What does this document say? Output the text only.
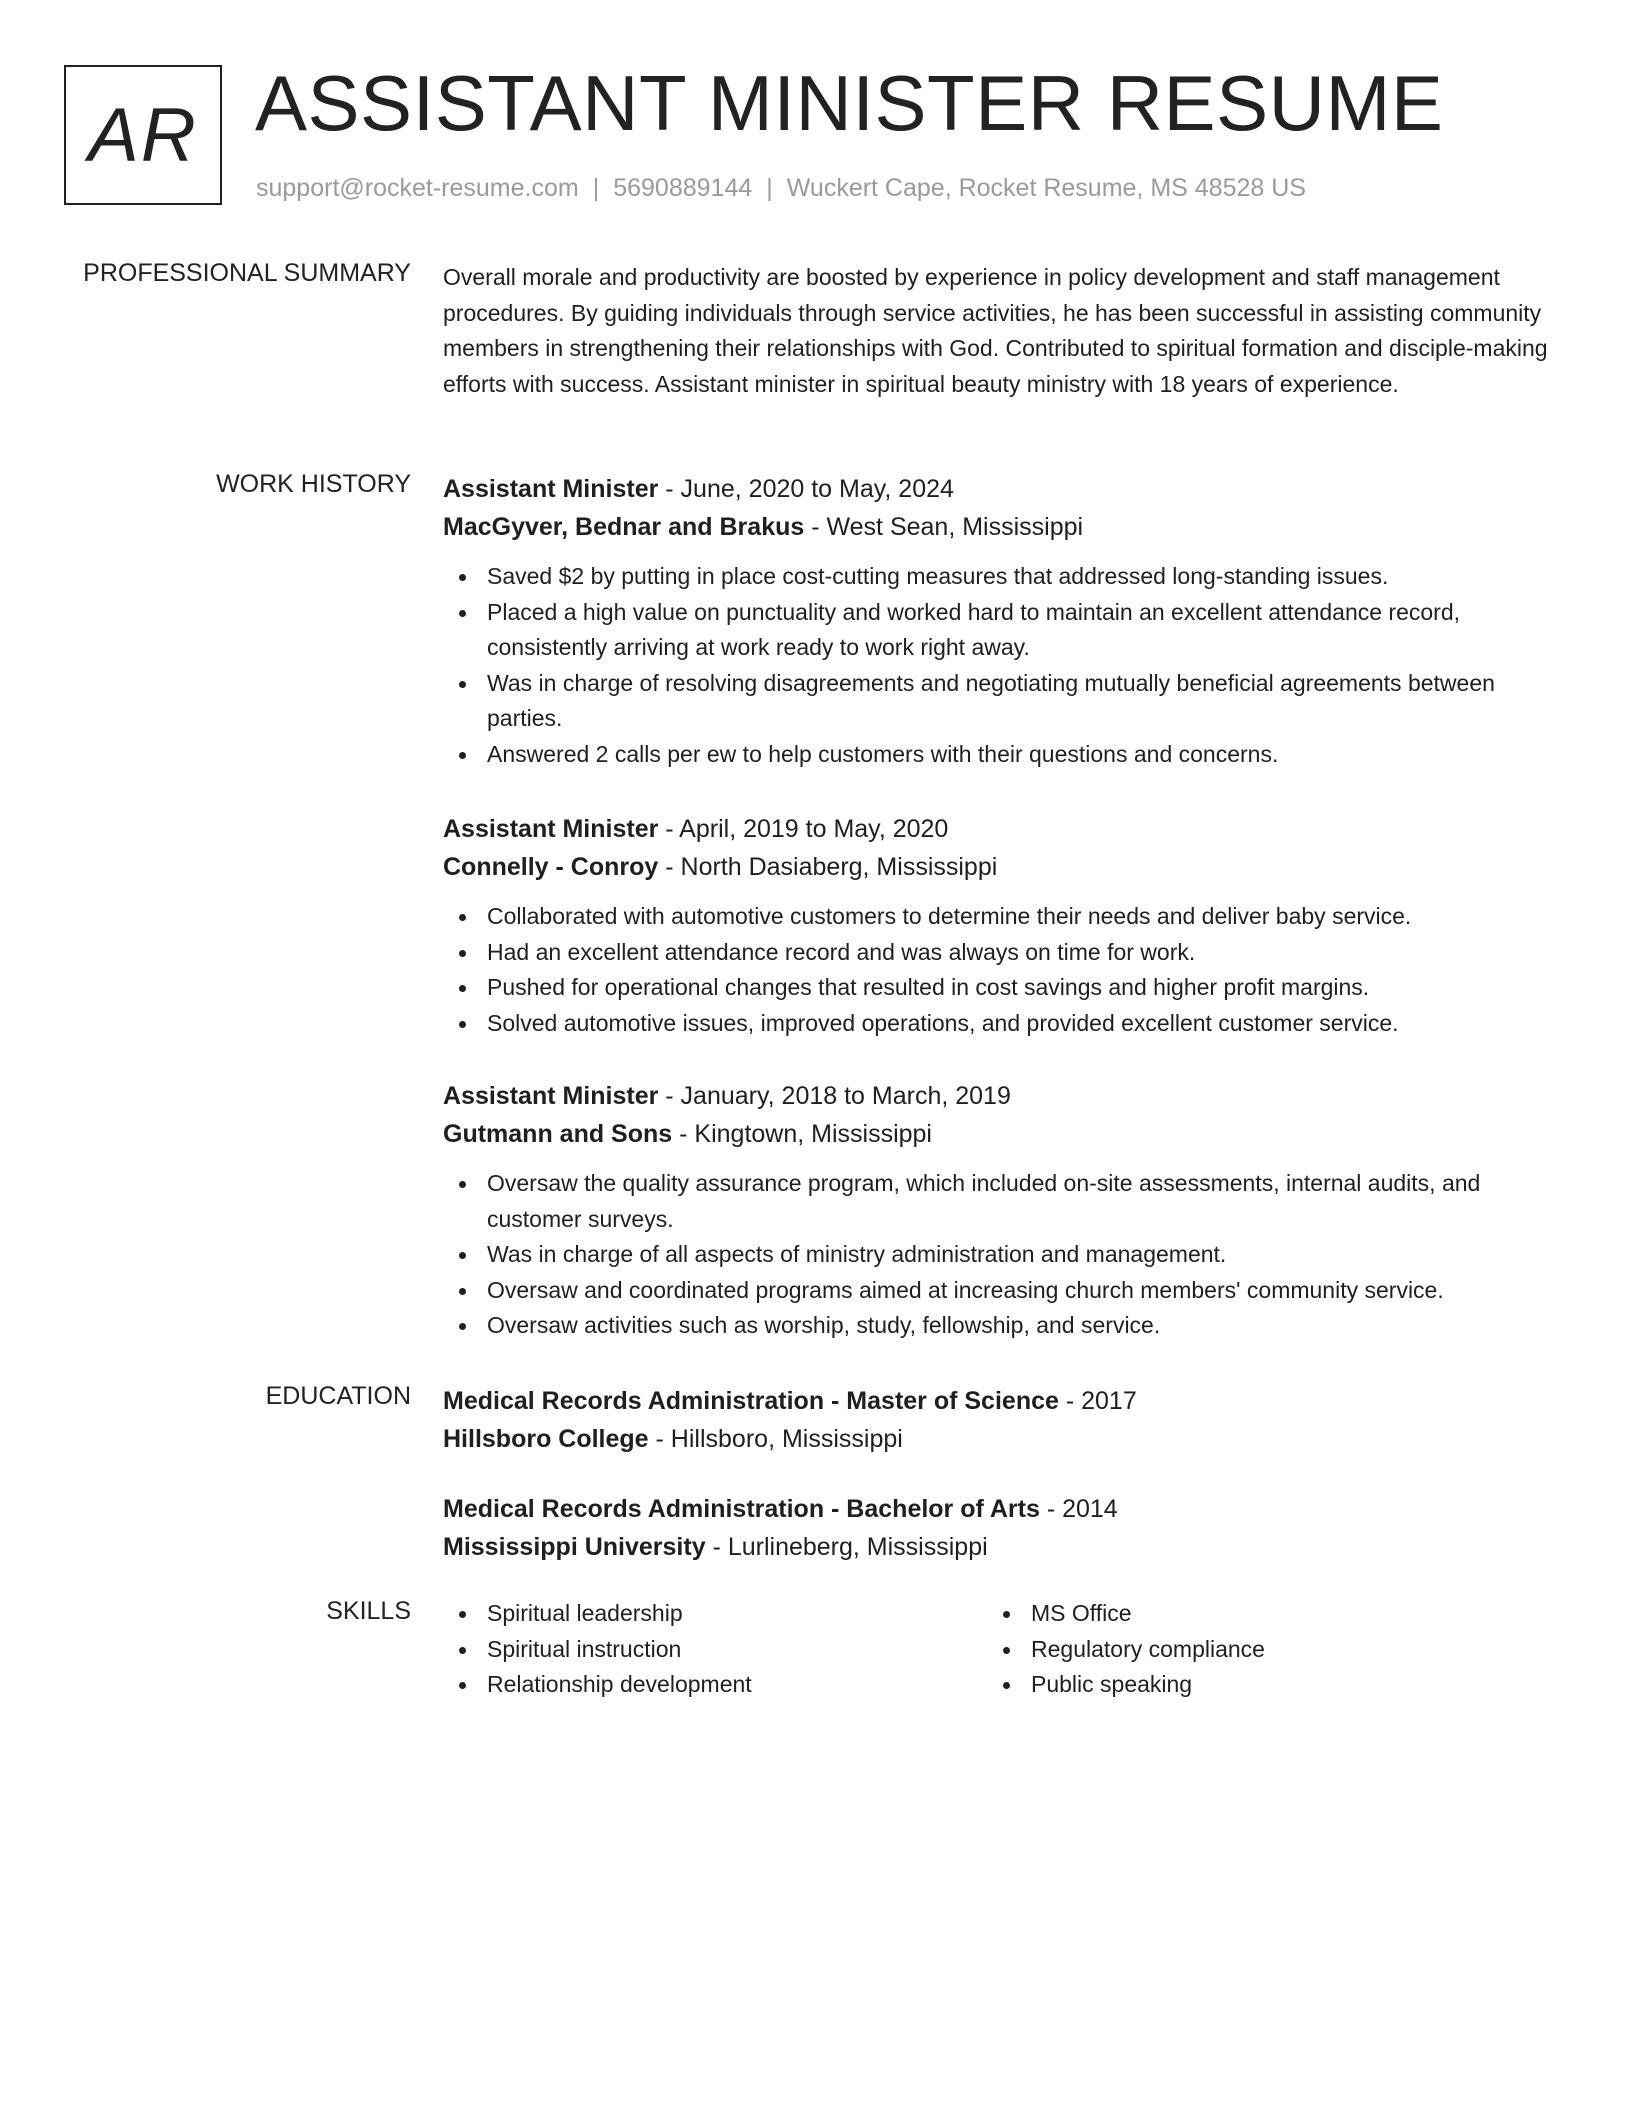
AR ASSISTANT MINISTER RESUME
support@rocket-resume.com | 5690889144 | Wuckert Cape, Rocket Resume, MS 48528 US
PROFESSIONAL SUMMARY Overall morale and productivity are boosted by experience in policy development and staff management procedures. By guiding individuals through service activities, he has been successful in assisting community members in strengthening their relationships with God. Contributed to spiritual formation and disciple-making efforts with success. Assistant minister in spiritual beauty ministry with 18 years of experience.

WORK HISTORY Assistant Minister - June, 2020 to May, 2024
MacGyver, Bednar and Brakus - West Sean, Mississippi
Saved $2 by putting in place cost-cutting measures that addressed long-standing issues.
Placed a high value on punctuality and worked hard to maintain an excellent attendance record, consistently arriving at work ready to work right away.
Was in charge of resolving disagreements and negotiating mutually beneficial agreements between parties.
Answered 2 calls per ew to help customers with their questions and concerns.
Assistant Minister - April, 2019 to May, 2020
Connelly - Conroy - North Dasiaberg, Mississippi
Collaborated with automotive customers to determine their needs and deliver baby service.
Had an excellent attendance record and was always on time for work.
Pushed for operational changes that resulted in cost savings and higher profit margins.
Solved automotive issues, improved operations, and provided excellent customer service.
Assistant Minister - January, 2018 to March, 2019
Gutmann and Sons - Kingtown, Mississippi
Oversaw the quality assurance program, which included on-site assessments, internal audits, and customer surveys.
Was in charge of all aspects of ministry administration and management.
Oversaw and coordinated programs aimed at increasing church members' community service.
Oversaw activities such as worship, study, fellowship, and service.
EDUCATION Medical Records Administration - Master of Science - 2017
Hillsboro College - Hillsboro, Mississippi
Medical Records Administration - Bachelor of Arts - 2014
Mississippi University - Lurlineberg, Mississippi
SKILLS	Spiritual leadership
Spiritual instruction
Relationship development
MS Office
Regulatory compliance
Public speaking
